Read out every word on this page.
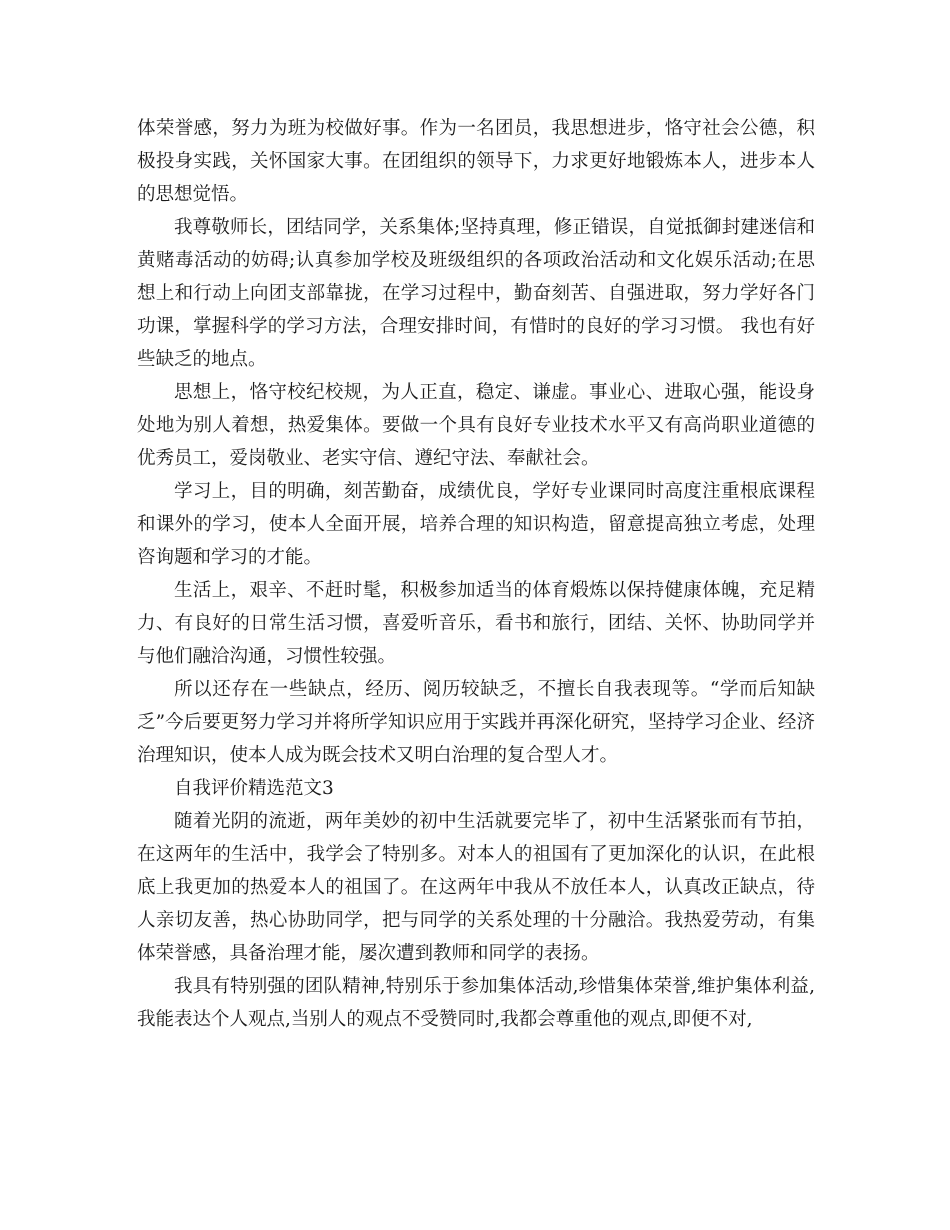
体荣誉感，努力为班为校做好事。作为一名团员，我思想进步，恪守社会公德，积极投身实践，关怀国家大事。在团组织的领导下，力求更好地锻炼本人，进步本人的思想觉悟。

我尊敬师长，团结同学，关系集体;坚持真理，修正错误，自觉抵御封建迷信和黄赌毒活动的妨碍;认真参加学校及班级组织的各项政治活动和文化娱乐活动;在思想上和行动上向团支部靠拢，在学习过程中，勤奋刻苦、自强进取，努力学好各门功课，掌握科学的学习方法，合理安排时间，有惜时的良好的学习习惯。 我也有好些缺乏的地点。

思想上，恪守校纪校规，为人正直，稳定、谦虚。事业心、进取心强，能设身处地为别人着想，热爱集体。要做一个具有良好专业技术水平又有高尚职业道德的优秀员工，爱岗敬业、老实守信、遵纪守法、奉献社会。

学习上，目的明确，刻苦勤奋，成绩优良，学好专业课同时高度注重根底课程和课外的学习，使本人全面开展，培养合理的知识构造，留意提高独立考虑，处理咨询题和学习的才能。

生活上，艰辛、不赶时髦，积极参加适当的体育煅炼以保持健康体魄，充足精力、有良好的日常生活习惯，喜爱听音乐，看书和旅行，团结、关怀、协助同学并与他们融洽沟通，习惯性较强。

所以还存在一些缺点，经历、阅历较缺乏，不擅长自我表现等。“学而后知缺乏”今后要更努力学习并将所学知识应用于实践并再深化研究，坚持学习企业、经济治理知识，使本人成为既会技术又明白治理的复合型人才。

自我评价精选范文3

随着光阴的流逝，两年美妙的初中生活就要完毕了，初中生活紧张而有节拍，在这两年的生活中，我学会了特别多。对本人的祖国有了更加深化的认识，在此根底上我更加的热爱本人的祖国了。在这两年中我从不放任本人，认真改正缺点，待人亲切友善，热心协助同学，把与同学的关系处理的十分融洽。我热爱劳动，有集体荣誉感，具备治理才能，屡次遭到教师和同学的表扬。

我具有特别强的团队精神,特别乐于参加集体活动,珍惜集体荣誉,维护集体利益,我能表达个人观点,当别人的观点不受赞同时,我都会尊重他的观点,即便不对,
